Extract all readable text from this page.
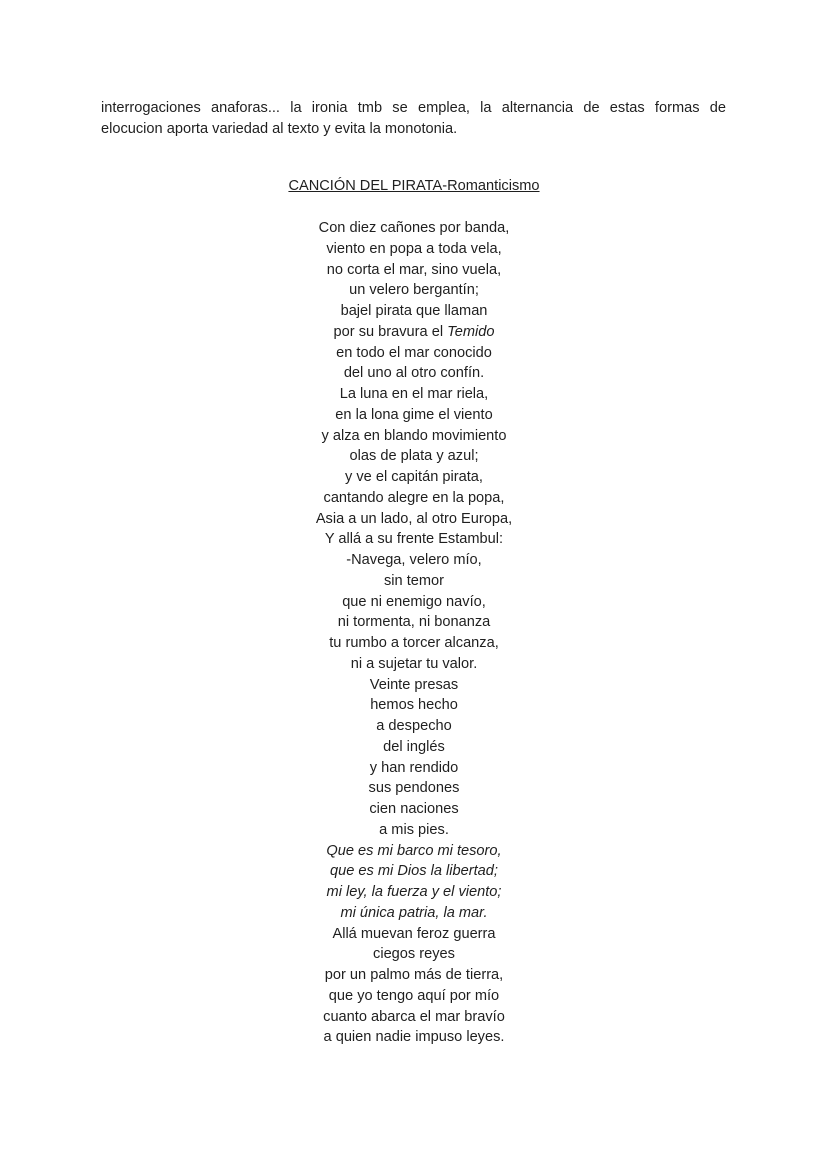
interrogaciones anaforas... la ironia tmb se emplea, la alternancia de estas formas de
elocucion aporta variedad al texto y evita la monotonia.
CANCIÓN DEL PIRATA-Romanticismo
Con diez cañones por banda,
viento en popa a toda vela,
no corta el mar, sino vuela,
un velero bergantín;
bajel pirata que llaman
por su bravura el Temido
en todo el mar conocido
del uno al otro confín.
La luna en el mar riela,
en la lona gime el viento
y alza en blando movimiento
olas de plata y azul;
y ve el capitán pirata,
cantando alegre en la popa,
Asia a un lado, al otro Europa,
Y allá a su frente Estambul:
-Navega, velero mío,
sin temor
que ni enemigo navío,
ni tormenta, ni bonanza
tu rumbo a torcer alcanza,
ni a sujetar tu valor.
Veinte presas
hemos hecho
a despecho
del inglés
y han rendido
sus pendones
cien naciones
a mis pies.
Que es mi barco mi tesoro,
que es mi Dios la libertad;
mi ley, la fuerza y el viento;
mi única patria, la mar.
Allá muevan feroz guerra
ciegos reyes
por un palmo más de tierra,
que yo tengo aquí por mío
cuanto abarca el mar bravío
a quien nadie impuso leyes.
